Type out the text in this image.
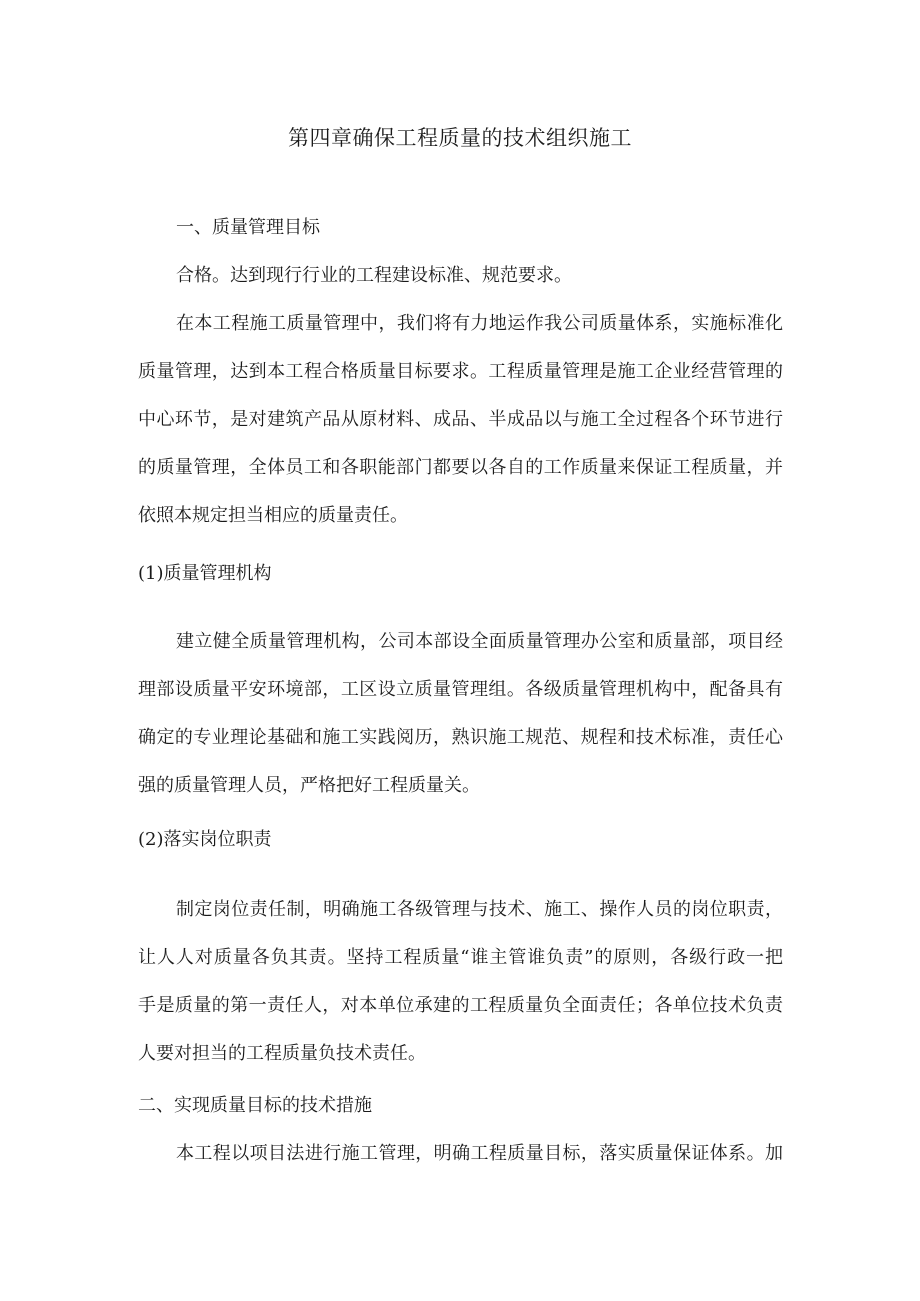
第四章确保工程质量的技术组织施工
一、质量管理目标
合格。达到现行行业的工程建设标准、规范要求。
在本工程施工质量管理中，我们将有力地运作我公司质量体系，实施标准化
质量管理，达到本工程合格质量目标要求。工程质量管理是施工企业经营管理的
中心环节，是对建筑产品从原材料、成品、半成品以与施工全过程各个环节进行
的质量管理，全体员工和各职能部门都要以各自的工作质量来保证工程质量，并
依照本规定担当相应的质量责任。
(1)质量管理机构
建立健全质量管理机构，公司本部设全面质量管理办公室和质量部，项目经
理部设质量平安环境部，工区设立质量管理组。各级质量管理机构中，配备具有
确定的专业理论基础和施工实践阅历，熟识施工规范、规程和技术标准，责任心
强的质量管理人员，严格把好工程质量关。
(2)落实岗位职责
制定岗位责任制，明确施工各级管理与技术、施工、操作人员的岗位职责，
让人人对质量各负其责。坚持工程质量“谁主管谁负责”的原则，各级行政一把
手是质量的第一责任人，对本单位承建的工程质量负全面责任；各单位技术负责
人要对担当的工程质量负技术责任。
二、实现质量目标的技术措施
本工程以项目法进行施工管理，明确工程质量目标，落实质量保证体系。加
